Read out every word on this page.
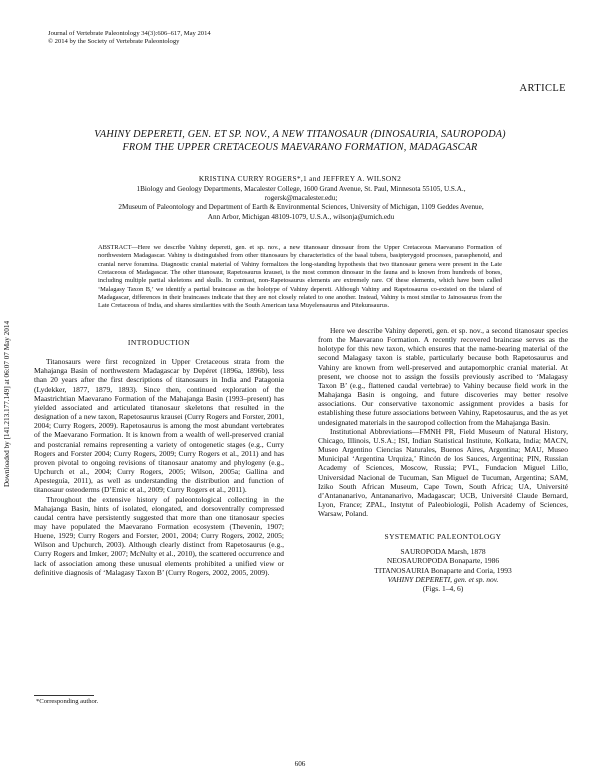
Journal of Vertebrate Paleontology 34(3):606–617, May 2014
© 2014 by the Society of Vertebrate Paleontology
ARTICLE
VAHINY DEPERETI, GEN. ET SP. NOV., A NEW TITANOSAUR (DINOSAURIA, SAUROPODA)
FROM THE UPPER CRETACEOUS MAEVARANO FORMATION, MADAGASCAR
KRISTINA CURRY ROGERS*,1 and JEFFREY A. WILSON2
1Biology and Geology Departments, Macalester College, 1600 Grand Avenue, St. Paul, Minnesota 55105, U.S.A.,
rogersk@macalester.edu;
2Museum of Paleontology and Department of Earth & Environmental Sciences, University of Michigan, 1109 Geddes Avenue,
Ann Arbor, Michigan 48109-1079, U.S.A., wilsonja@umich.edu
ABSTRACT—Here we describe Vahiny depereti, gen. et sp. nov., a new titanosaur dinosaur from the Upper Cretaceous Maevarano Formation of northwestern Madagascar. Vahiny is distinguished from other titanosaurs by characteristics of the basal tubera, basipterygoid processes, parasphenoid, and cranial nerve foramina. Diagnostic cranial material of Vahiny formalizes the long-standing hypothesis that two titanosaur genera were present in the Late Cretaceous of Madagascar. The other titanosaur, Rapetosaurus krausei, is the most common dinosaur in the fauna and is known from hundreds of bones, including multiple partial skeletons and skulls. In contrast, non-Rapetosaurus elements are extremely rare. Of these elements, which have been called ‘Malagasy Taxon B,’ we identify a partial braincase as the holotype of Vahiny depereti. Although Vahiny and Rapetosaurus co-existed on the island of Madagascar, differences in their braincases indicate that they are not closely related to one another. Instead, Vahiny is most similar to Jainosaurus from the Late Cretaceous of India, and shares similarities with the South American taxa Muyelensaurus and Pitekunsaurus.
Downloaded by [141.213.177.149] at 06:07 07 May 2014	INTRODUCTION

Titanosaurs were first recognized in Upper Cretaceous strata from the Mahajanga Basin of northwestern Madagascar by Depéret (1896a, 1896b), less than 20 years after the first descriptions of titanosaurs in India and Patagonia (Lydekker, 1877, 1879, 1893). Since then, continued exploration of the Maastrichtian Maevarano Formation of the Mahajanga Basin (1993–present) has yielded associated and articulated titanosaur skeletons that resulted in the designation of a new taxon, Rapetosaurus krausei (Curry Rogers and Forster, 2001, 2004; Curry Rogers, 2009). Rapetosaurus is among the most abundant vertebrates of the Maevarano Formation. It is known from a wealth of well-preserved cranial and postcranial remains representing a variety of ontogenetic stages (e.g., Curry Rogers and Forster 2004; Curry Rogers, 2009; Curry Rogers et al., 2011) and has proven pivotal to ongoing revisions of titanosaur anatomy and phylogeny (e.g., Upchurch et al., 2004; Curry Rogers, 2005; Wilson, 2005a; Gallina and Apesteguía, 2011), as well as understanding the distribution and function of titanosaur osteoderms (D’Emic et al., 2009; Curry Rogers et al., 2011).

Throughout the extensive history of paleontological collecting in the Mahajanga Basin, hints of isolated, elongated, and dorsoventrally compressed caudal centra have persistently suggested that more than one titanosaur species may have populated the Maevarano Formation ecosystem (Thevenin, 1907; Huene, 1929; Curry Rogers and Forster, 2001, 2004; Curry Rogers, 2002, 2005; Wilson and Upchurch, 2003). Although clearly distinct from Rapetosaurus (e.g., Curry Rogers and Imker, 2007; McNulty et al., 2010), the scattered occurrence and lack of association among these unusual elements prohibited a unified view or definitive diagnosis of ‘Malagasy Taxon B’ (Curry Rogers, 2002, 2005, 2009).

Here we describe Vahiny depereti, gen. et sp. nov., a second titanosaur species from the Maevarano Formation. A recently recovered braincase serves as the holotype for this new taxon, which ensures that the name-bearing material of the second Malagasy taxon is stable, particularly because both Rapetosaurus and Vahiny are known from well-preserved and autapomorphic cranial material. At present, we choose not to assign the fossils previously ascribed to ‘Malagasy Taxon B’ (e.g., flattened caudal vertebrae) to Vahiny because field work in the Mahajanga Basin is ongoing, and future discoveries may better resolve associations. Our conservative taxonomic assignment provides a basis for establishing these future associations between Vahiny, Rapetosaurus, and the as yet undesignated materials in the sauropod collection from the Mahajanga Basin.

Institutional Abbreviations—FMNH PR, Field Museum of Natural History, Chicago, Illinois, U.S.A.; ISI, Indian Statistical Institute, Kolkata, India; MACN, Museo Argentino Ciencias Naturales, Buenos Aires, Argentina; MAU, Museo Municipal ‘Argentina Urquiza,’ Rincón de los Sauces, Argentina; PIN, Russian Academy of Sciences, Moscow, Russia; PVL, Fundacion Miguel Lillo, Universidad Nacional de Tucuman, San Miguel de Tucuman, Argentina; SAM, Iziko South African Museum, Cape Town, South Africa; UA, Université d’Antananarivo, Antananarivo, Madagascar; UCB, Université Claude Bernard, Lyon, France; ZPAL, Instytut of Paleobiologii, Polish Academy of Sciences, Warsaw, Poland.

SYSTEMATIC PALEONTOLOGY
SAUROPODA Marsh, 1878
NEOSAUROPODA Bonaparte, 1986
TITANOSAURIA Bonaparte and Coria, 1993
VAHINY DEPERETI, gen. et sp. nov.
(Figs. 1–4, 6)
*Corresponding author.
606
